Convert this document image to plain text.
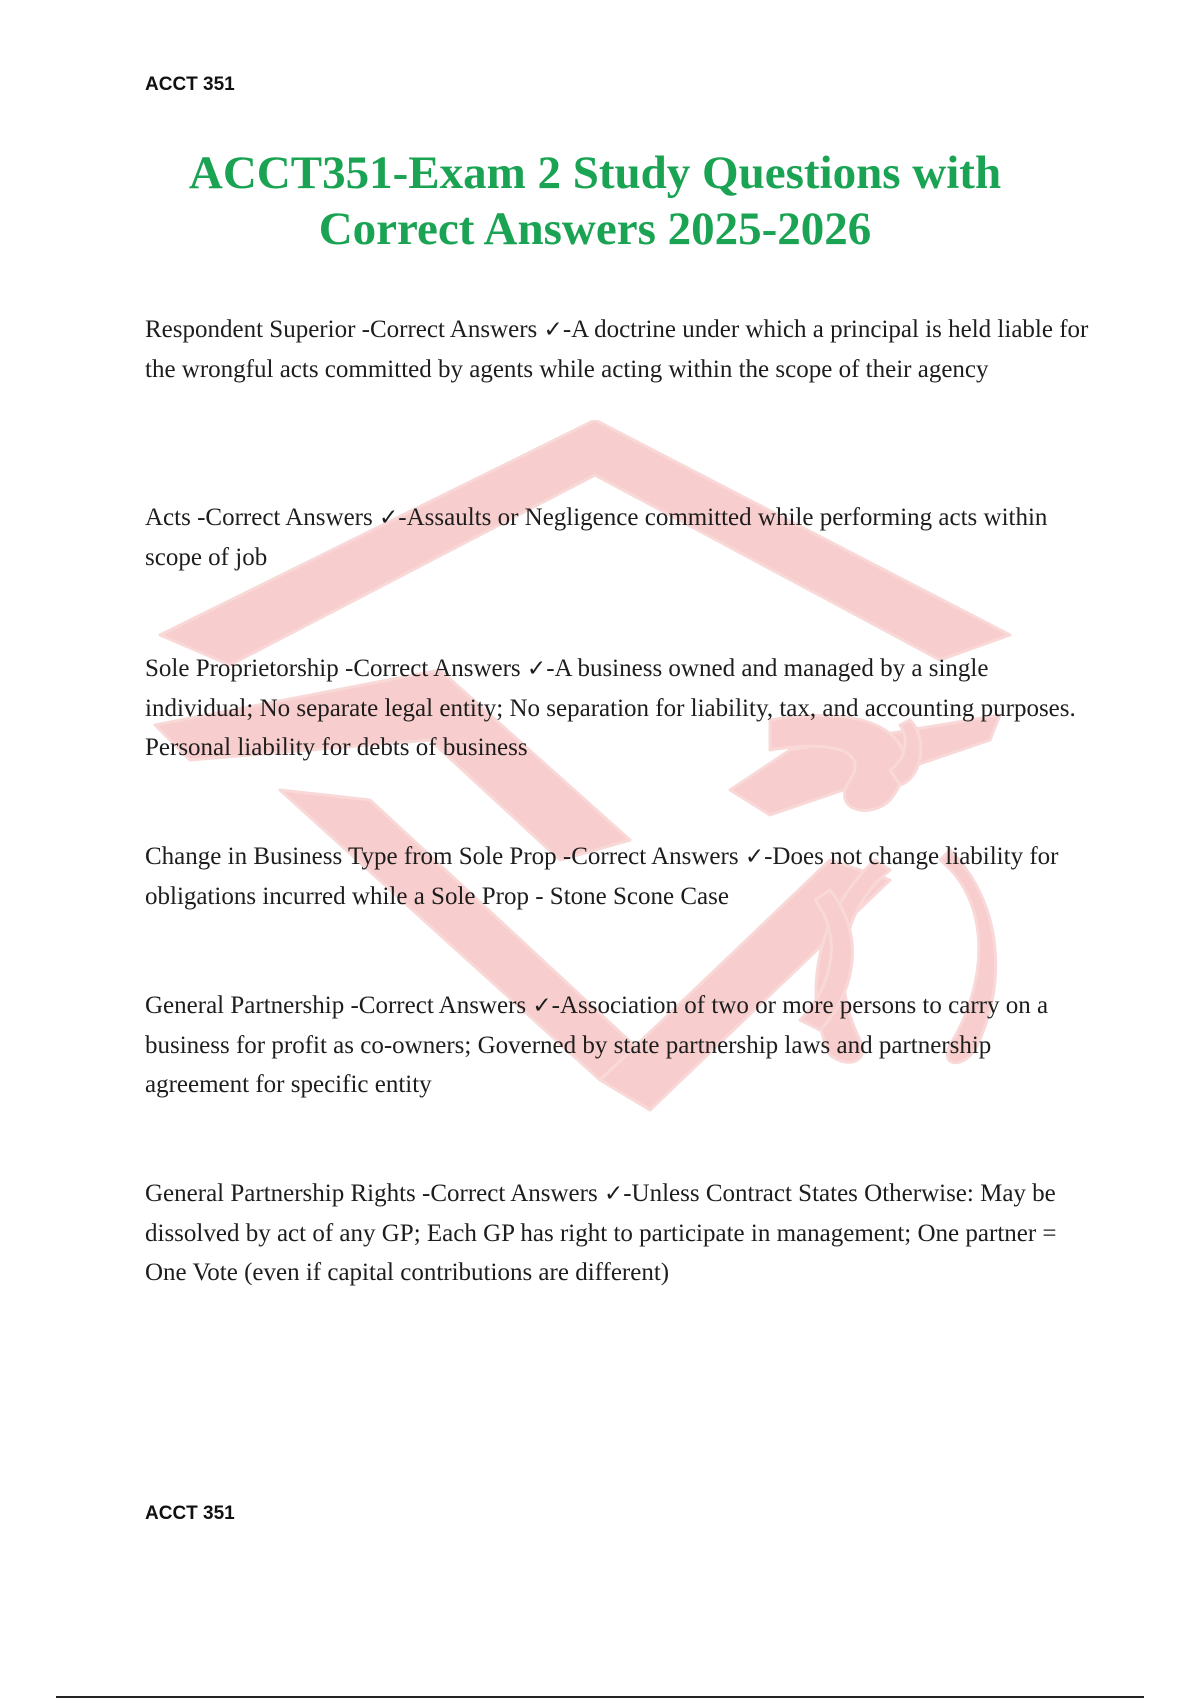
ACCT 351
ACCT351-Exam 2 Study Questions with
Correct Answers 2025-2026
Respondent Superior -Correct Answers ✓-A doctrine under which a principal is held liable for the wrongful acts committed by agents while acting within the scope of their agency
Acts -Correct Answers ✓-Assaults or Negligence committed while performing acts within scope of job
Sole Proprietorship -Correct Answers ✓-A business owned and managed by a single individual; No separate legal entity; No separation for liability, tax, and accounting purposes. Personal liability for debts of business
Change in Business Type from Sole Prop -Correct Answers ✓-Does not change liability for obligations incurred while a Sole Prop - Stone Scone Case
General Partnership -Correct Answers ✓-Association of two or more persons to carry on a business for profit as co-owners; Governed by state partnership laws and partnership agreement for specific entity
General Partnership Rights -Correct Answers ✓-Unless Contract States Otherwise: May be dissolved by act of any GP; Each GP has right to participate in management; One partner = One Vote (even if capital contributions are different)
ACCT 351
